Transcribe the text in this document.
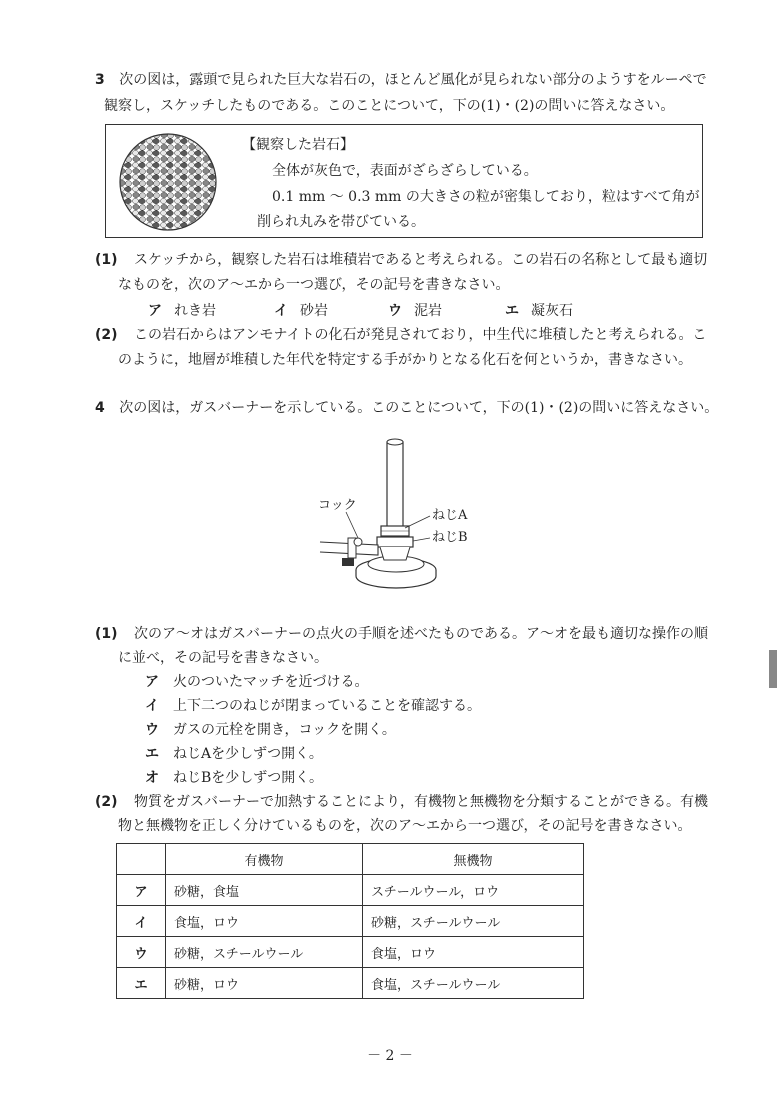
3 次の図は，露頭で見られた巨大な岩石の，ほとんど風化が見られない部分のようすをルーペで
観察し，スケッチしたものである。このことについて，下の(1)・(2)の問いに答えなさい。
【観察した岩石】
全体が灰色で，表面がざらざらしている。
0.1 mm ～ 0.3 mm の大きさの粒が密集しており，粒はすべて角が
削られ丸みを帯びている。
(1) スケッチから，観察した岩石は堆積岩であると考えられる。この岩石の名称として最も適切
なものを，次のア～エから一つ選び，その記号を書きなさい。
ア れき岩	イ 砂岩	ウ 泥岩	エ 凝灰石
(2) この岩石からはアンモナイトの化石が発見されており，中生代に堆積したと考えられる。こ
のように，地層が堆積した年代を特定する手がかりとなる化石を何というか，書きなさい。
4 次の図は，ガスバーナーを示している。このことについて，下の(1)・(2)の問いに答えなさい。
コック
ねじA
ねじB
(1) 次のア～オはガスバーナーの点火の手順を述べたものである。ア～オを最も適切な操作の順
に並べ，その記号を書きなさい。
ア 火のついたマッチを近づける。
イ 上下二つのねじが閉まっていることを確認する。
ウ ガスの元栓を開き，コックを開く。
エ ねじAを少しずつ開く。
オ ねじBを少しずつ開く。
(2) 物質をガスバーナーで加熱することにより，有機物と無機物を分類することができる。有機
物と無機物を正しく分けているものを，次のア～エから一つ選び，その記号を書きなさい。
	有機物	無機物
ア	砂糖，食塩	スチールウール，ロウ
イ	食塩，ロウ	砂糖，スチールウール
ウ	砂糖，スチールウール	食塩，ロウ
エ	砂糖，ロウ	食塩，スチールウール
－ 2 －
